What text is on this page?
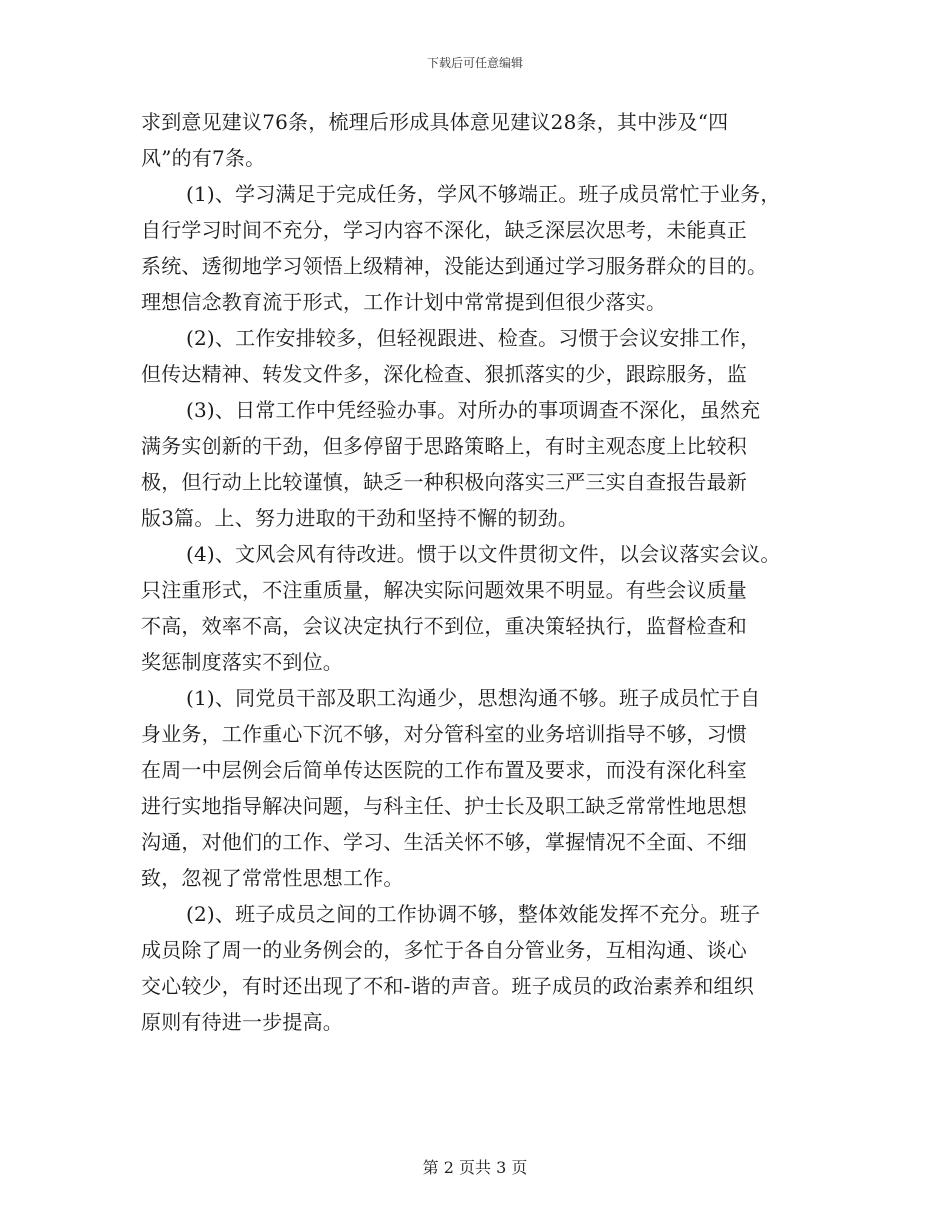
下载后可任意编辑
求到意见建议76条，梳理后形成具体意见建议28条，其中涉及“四
风”的有7条。
(1)、学习满足于完成任务，学风不够端正。班子成员常忙于业务，
自行学习时间不充分，学习内容不深化，缺乏深层次思考，未能真正
系统、透彻地学习领悟上级精神，没能达到通过学习服务群众的目的。
理想信念教育流于形式，工作计划中常常提到但很少落实。
(2)、工作安排较多，但轻视跟进、检查。习惯于会议安排工作，
但传达精神、转发文件多，深化检查、狠抓落实的少，跟踪服务，监
(3)、日常工作中凭经验办事。对所办的事项调查不深化，虽然充
满务实创新的干劲，但多停留于思路策略上，有时主观态度上比较积
极，但行动上比较谨慎，缺乏一种积极向落实三严三实自查报告最新
版3篇。上、努力进取的干劲和坚持不懈的韧劲。
(4)、文风会风有待改进。惯于以文件贯彻文件，以会议落实会议。
只注重形式，不注重质量，解决实际问题效果不明显。有些会议质量
不高，效率不高，会议决定执行不到位，重决策轻执行，监督检查和
奖惩制度落实不到位。
(1)、同党员干部及职工沟通少，思想沟通不够。班子成员忙于自
身业务，工作重心下沉不够，对分管科室的业务培训指导不够，习惯
在周一中层例会后简单传达医院的工作布置及要求，而没有深化科室
进行实地指导解决问题，与科主任、护士长及职工缺乏常常性地思想
沟通，对他们的工作、学习、生活关怀不够，掌握情况不全面、不细
致，忽视了常常性思想工作。
(2)、班子成员之间的工作协调不够，整体效能发挥不充分。班子
成员除了周一的业务例会的，多忙于各自分管业务，互相沟通、谈心
交心较少，有时还出现了不和-谐的声音。班子成员的政治素养和组织
原则有待进一步提高。
第 2 页共 3 页
